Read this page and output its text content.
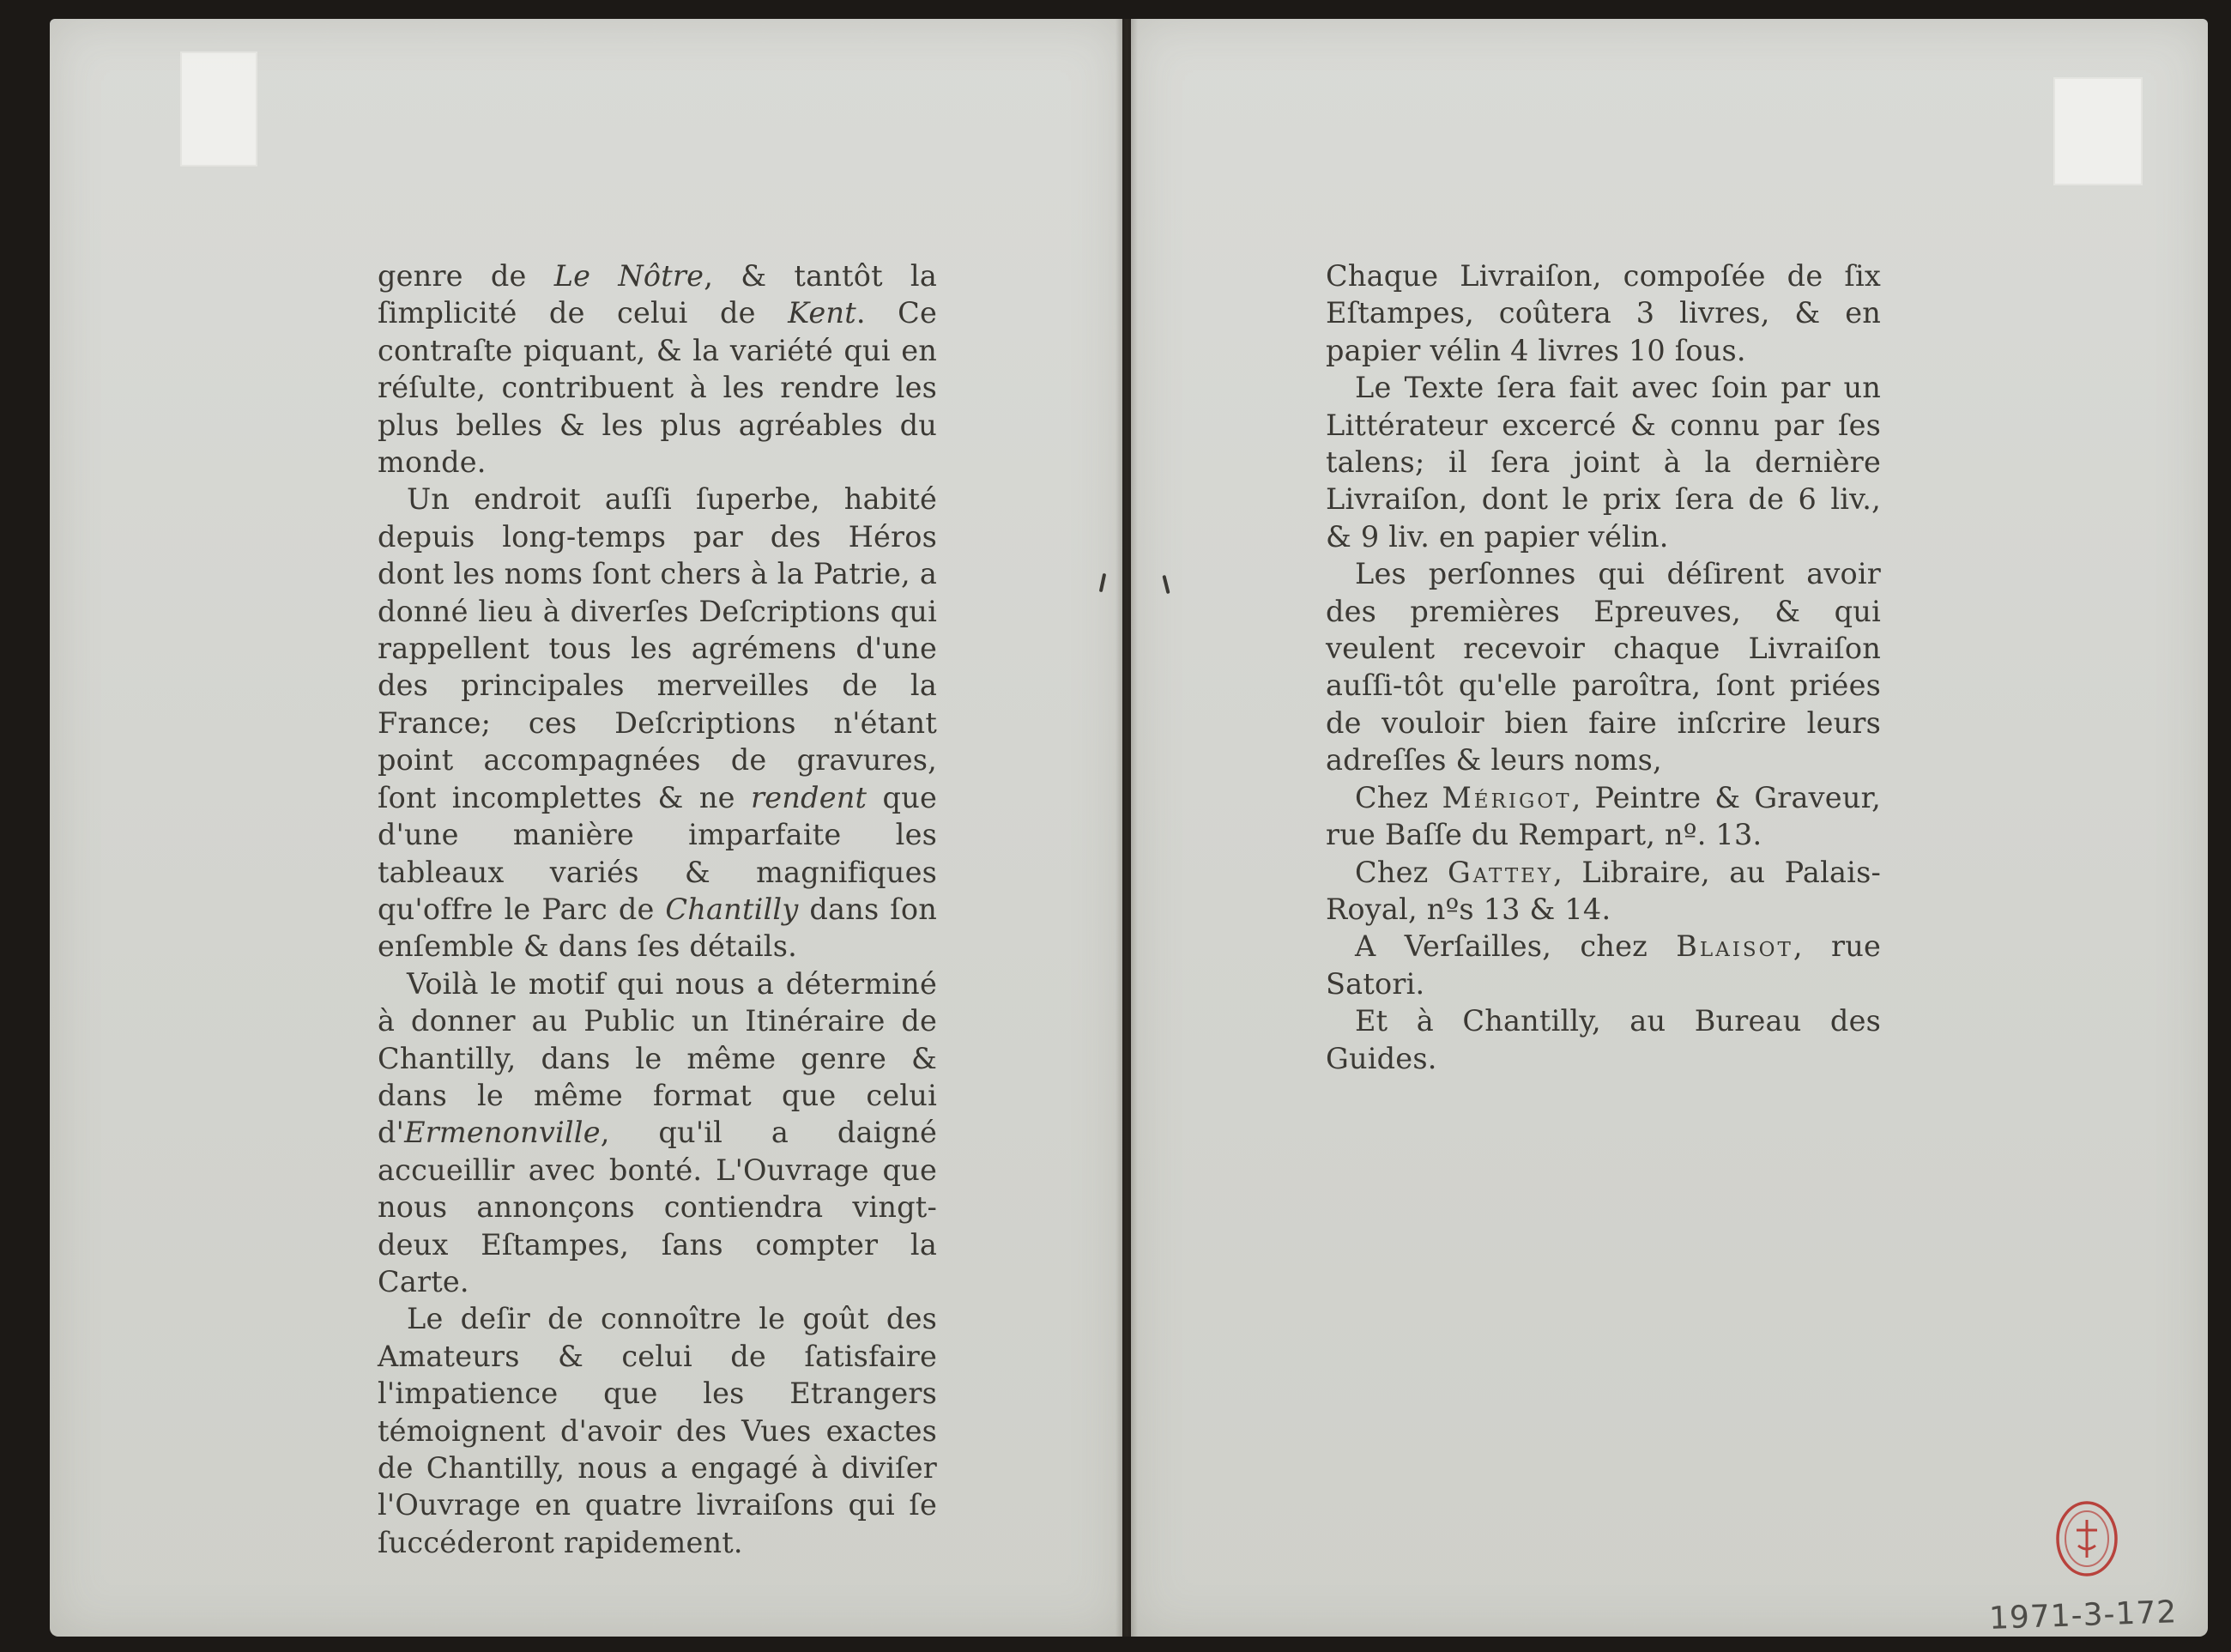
genre de Le Nôtre, & tantôt la ſimplicité de celui de Kent. Ce contraſte piquant, & la variété qui en réſulte, contribuent à les rendre les plus belles & les plus agréables du monde.

Un endroit auſſi ſuperbe, habité depuis long-temps par des Héros dont les noms ſont chers à la Patrie, a donné lieu à diverſes Deſcriptions qui rappellent tous les agrémens d'une des principales merveilles de la France; ces Deſcriptions n'étant point accompagnées de gravures, ſont incomplettes & ne rendent que d'une manière imparfaite les tableaux variés & magnifiques qu'offre le Parc de Chantilly dans ſon enſemble & dans ſes détails.

Voilà le motif qui nous a déterminé à donner au Public un Itinéraire de Chantilly, dans le même genre & dans le même format que celui d'Ermenonville, qu'il a daigné accueillir avec bonté. L'Ouvrage que nous annonçons contiendra vingt-deux Eſtampes, ſans compter la Carte.

Le deſir de connoître le goût des Amateurs & celui de ſatisfaire l'impatience que les Etrangers témoignent d'avoir des Vues exactes de Chantilly, nous a engagé à diviſer l'Ouvrage en quatre livraiſons qui ſe ſuccéderont rapidement.

Chaque Livraiſon, compoſée de ſix Eſtampes, coûtera 3 livres, & en papier vélin 4 livres 10 ſous.

Le Texte ſera fait avec ſoin par un Littérateur excercé & connu par ſes talens; il ſera joint à la dernière Livraiſon, dont le prix ſera de 6 liv., & 9 liv. en papier vélin.

Les perſonnes qui déſirent avoir des premières Epreuves, & qui veulent recevoir chaque Livraiſon auſſi-tôt qu'elle paroîtra, ſont priées de vouloir bien faire inſcrire leurs adreſſes & leurs noms,

Chez Mérigot, Peintre & Graveur, rue Baſſe du Rempart, nº. 13.

Chez Gattey, Libraire, au Palais-Royal, nºs 13 & 14.

A Verſailles, chez Blaisot, rue Satori.

Et à Chantilly, au Bureau des Guides.

1971-3-172
